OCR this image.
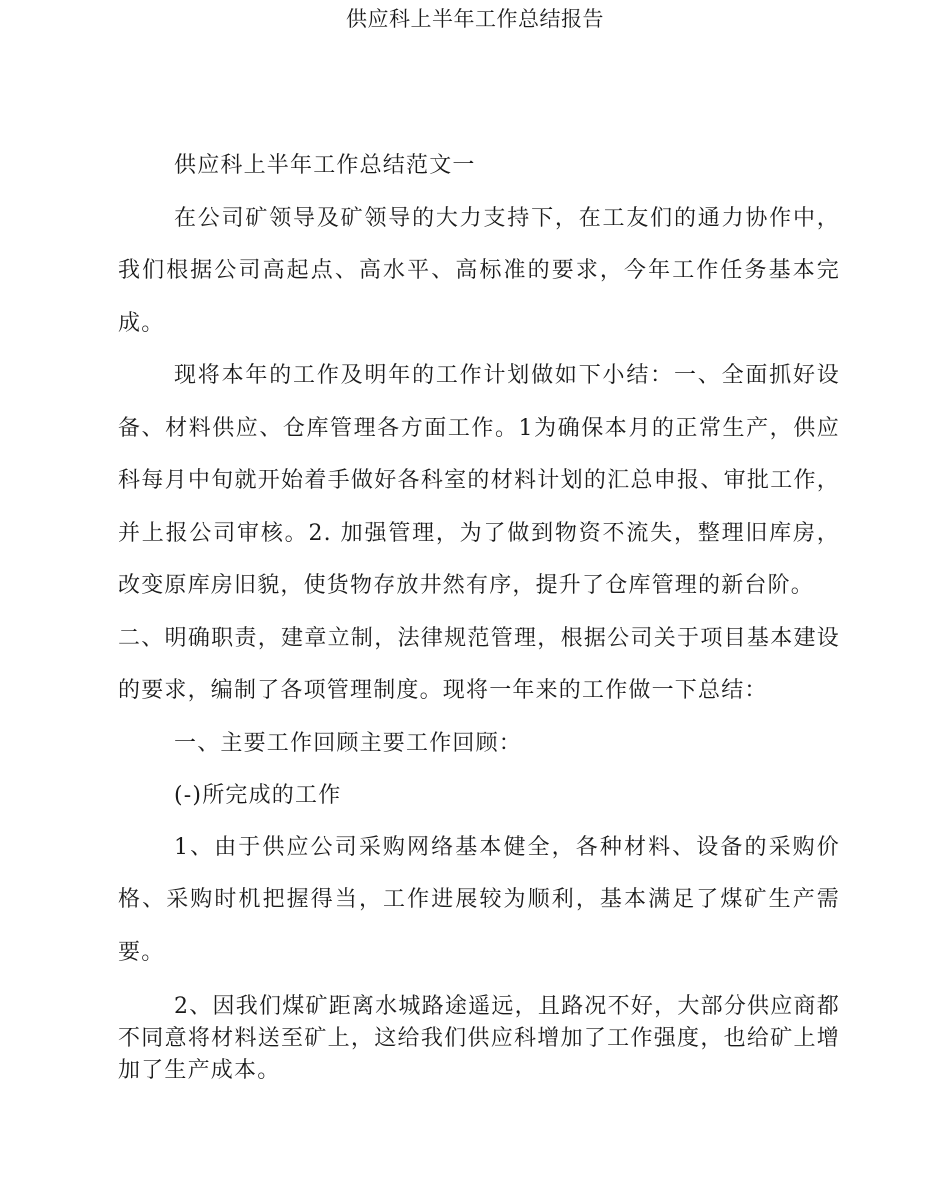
供应科上半年工作总结报告

供应科上半年工作总结范文一

在公司矿领导及矿领导的大力支持下，在工友们的通力协作中，我们根据公司高起点、高水平、高标准的要求，今年工作任务基本完成。

现将本年的工作及明年的工作计划做如下小结：一、全面抓好设备、材料供应、仓库管理各方面工作。1为确保本月的正常生产，供应科每月中旬就开始着手做好各科室的材料计划的汇总申报、审批工作，并上报公司审核。2. 加强管理，为了做到物资不流失，整理旧库房，改变原库房旧貌，使货物存放井然有序，提升了仓库管理的新台阶。

二、明确职责，建章立制，法律规范管理，根据公司关于项目基本建设的要求，编制了各项管理制度。现将一年来的工作做一下总结：

一、主要工作回顾主要工作回顾：

(-)所完成的工作

1、由于供应公司采购网络基本健全，各种材料、设备的采购价格、采购时机把握得当，工作进展较为顺利，基本满足了煤矿生产需要。

2、因我们煤矿距离水城路途遥远，且路况不好，大部分供应商都不同意将材料送至矿上，这给我们供应科增加了工作强度，也给矿上增加了生产成本。
